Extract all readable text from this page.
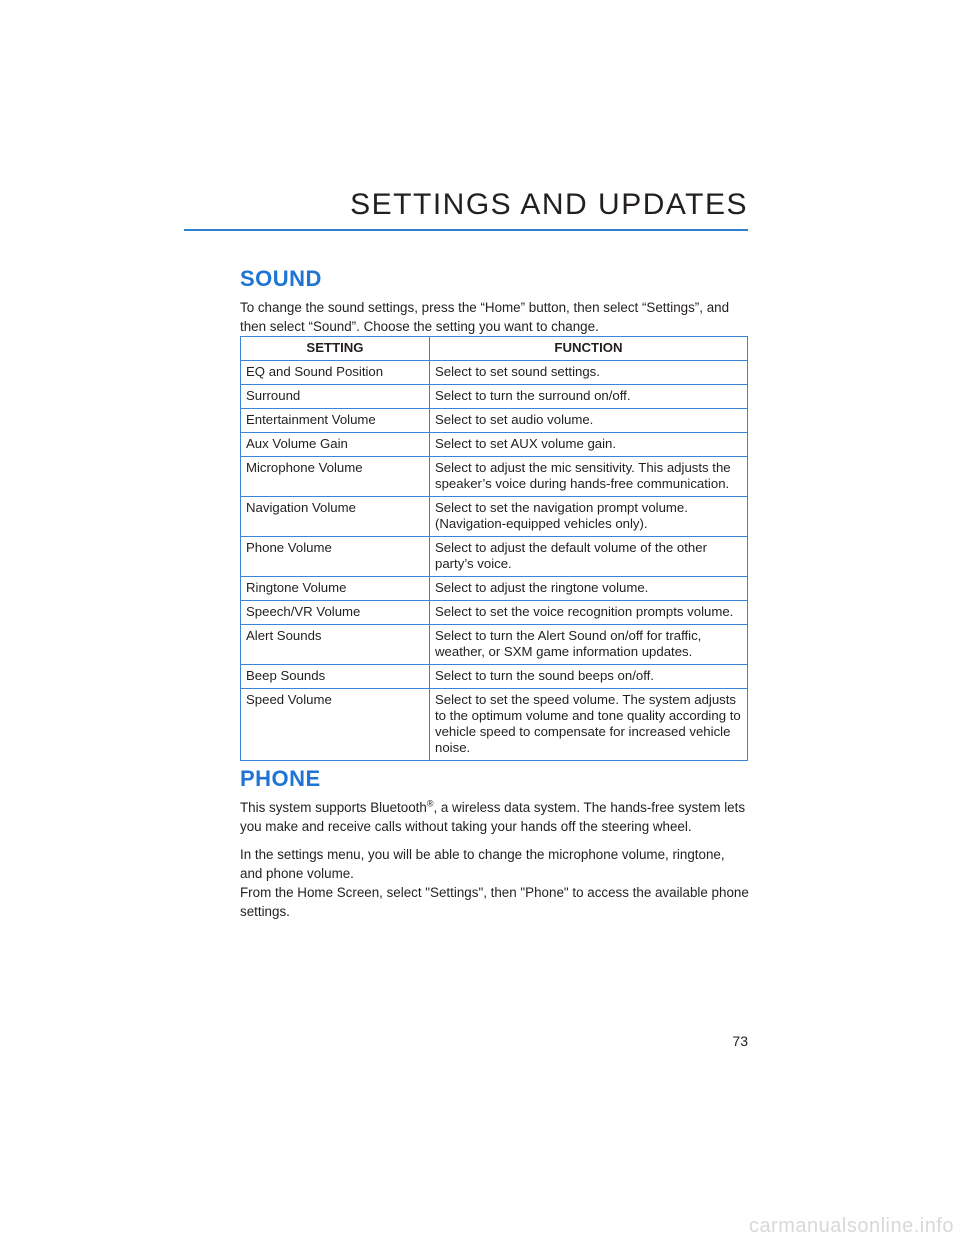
SETTINGS AND UPDATES
SOUND

To change the sound settings, press the “Home” button, then select “Settings”, and then select “Sound”. Choose the setting you want to change.

SETTING	FUNCTION
EQ and Sound Position	Select to set sound settings.
Surround	Select to turn the surround on/off.
Entertainment Volume	Select to set audio volume.
Aux Volume Gain	Select to set AUX volume gain.
Microphone Volume	Select to adjust the mic sensitivity. This adjusts the speaker’s voice during hands-free communication.
Navigation Volume	Select to set the navigation prompt volume. (Navigation-equipped vehicles only).
Phone Volume	Select to adjust the default volume of the other party’s voice.
Ringtone Volume	Select to adjust the ringtone volume.
Speech/VR Volume	Select to set the voice recognition prompts volume.
Alert Sounds	Select to turn the Alert Sound on/off for traffic, weather, or SXM game information updates.
Beep Sounds	Select to turn the sound beeps on/off.
Speed Volume	Select to set the speed volume. The system adjusts to the optimum volume and tone quality according to vehicle speed to compensate for increased vehicle noise.
PHONE

This system supports Bluetooth®, a wireless data system. The hands-free system lets you make and receive calls without taking your hands off the steering wheel.

In the settings menu, you will be able to change the microphone volume, ringtone, and phone volume.

From the Home Screen, select "Settings", then "Phone" to access the available phone settings.

73
carmanualsonline.info
